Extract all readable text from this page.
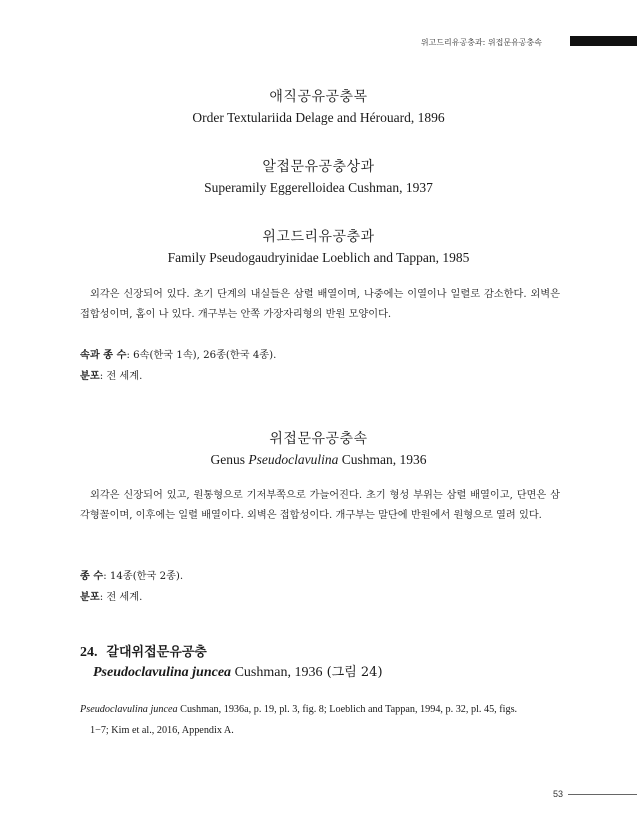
위고드리유공충과: 위접문유공충속
애직공유공충목
Order Textulariida Delage and Hérouard, 1896
알접문유공충상과
Superamily Eggerelloidea Cushman, 1937
위고드리유공충과
Family Pseudogaudryinidae Loeblich and Tappan, 1985
외각은 신장되어 있다. 초기 단계의 내실들은 삼렬 배열이며, 나중에는 이열이나 일렬로 감소한다. 외벽은 접합성이며, 홈이 나 있다. 개구부는 안쪽 가장자리형의 반원 모양이다.
속과 종 수: 6속(한국 1속), 26종(한국 4종).
분포: 전 세계.
위접문유공충속
Genus Pseudoclavulina Cushman, 1936
외각은 신장되어 있고, 원통형으로 기저부쪽으로 가늘어진다. 초기 형성 부위는 삼렬 배열이고, 단면은 삼각형꼴이며, 이후에는 일렬 배열이다. 외벽은 접합성이다. 개구부는 말단에 반원에서 원형으로 열려 있다.
종 수: 14종(한국 2종).
분포: 전 세계.
24. 갈대위접문유공충
Pseudoclavulina juncea Cushman, 1936 (그림 24)
Pseudoclavulina juncea Cushman, 1936a, p. 19, pl. 3, fig. 8; Loeblich and Tappan, 1994, p. 32, pl. 45, figs.
1−7; Kim et al., 2016, Appendix A.
53
